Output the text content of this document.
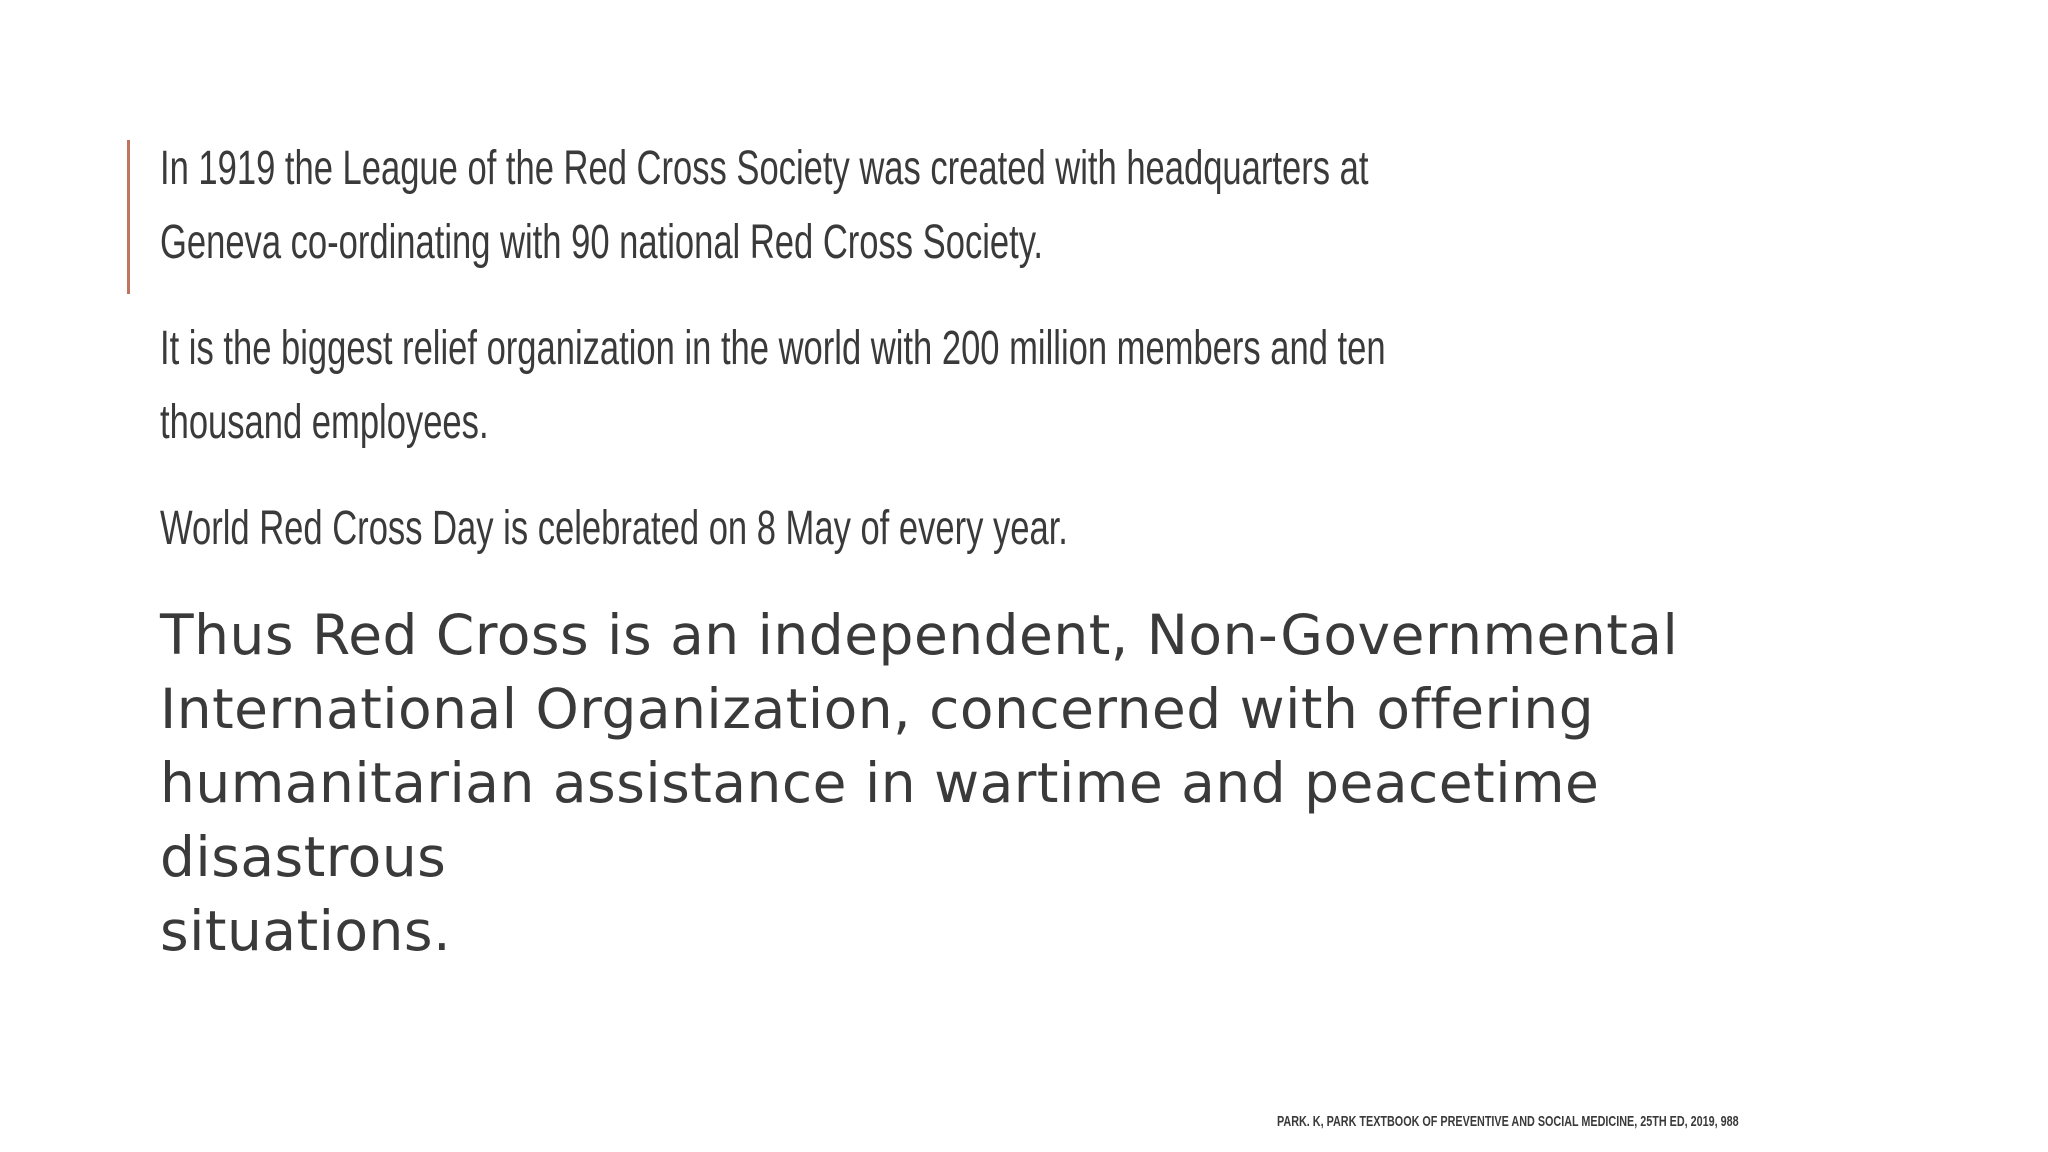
In 1919 the League of the Red Cross Society was created with headquarters at
Geneva co-ordinating with 90 national Red Cross Society.
It is the biggest relief organization in the world with 200 million members and ten
thousand employees.
World Red Cross Day is celebrated on 8 May of every year.
Thus Red Cross is an independent, Non-Governmental
International Organization, concerned with offering
humanitarian assistance in wartime and peacetime disastrous
situations.
PARK. K, PARK TEXTBOOK OF PREVENTIVE AND SOCIAL MEDICINE, 25TH ED, 2019, 988
